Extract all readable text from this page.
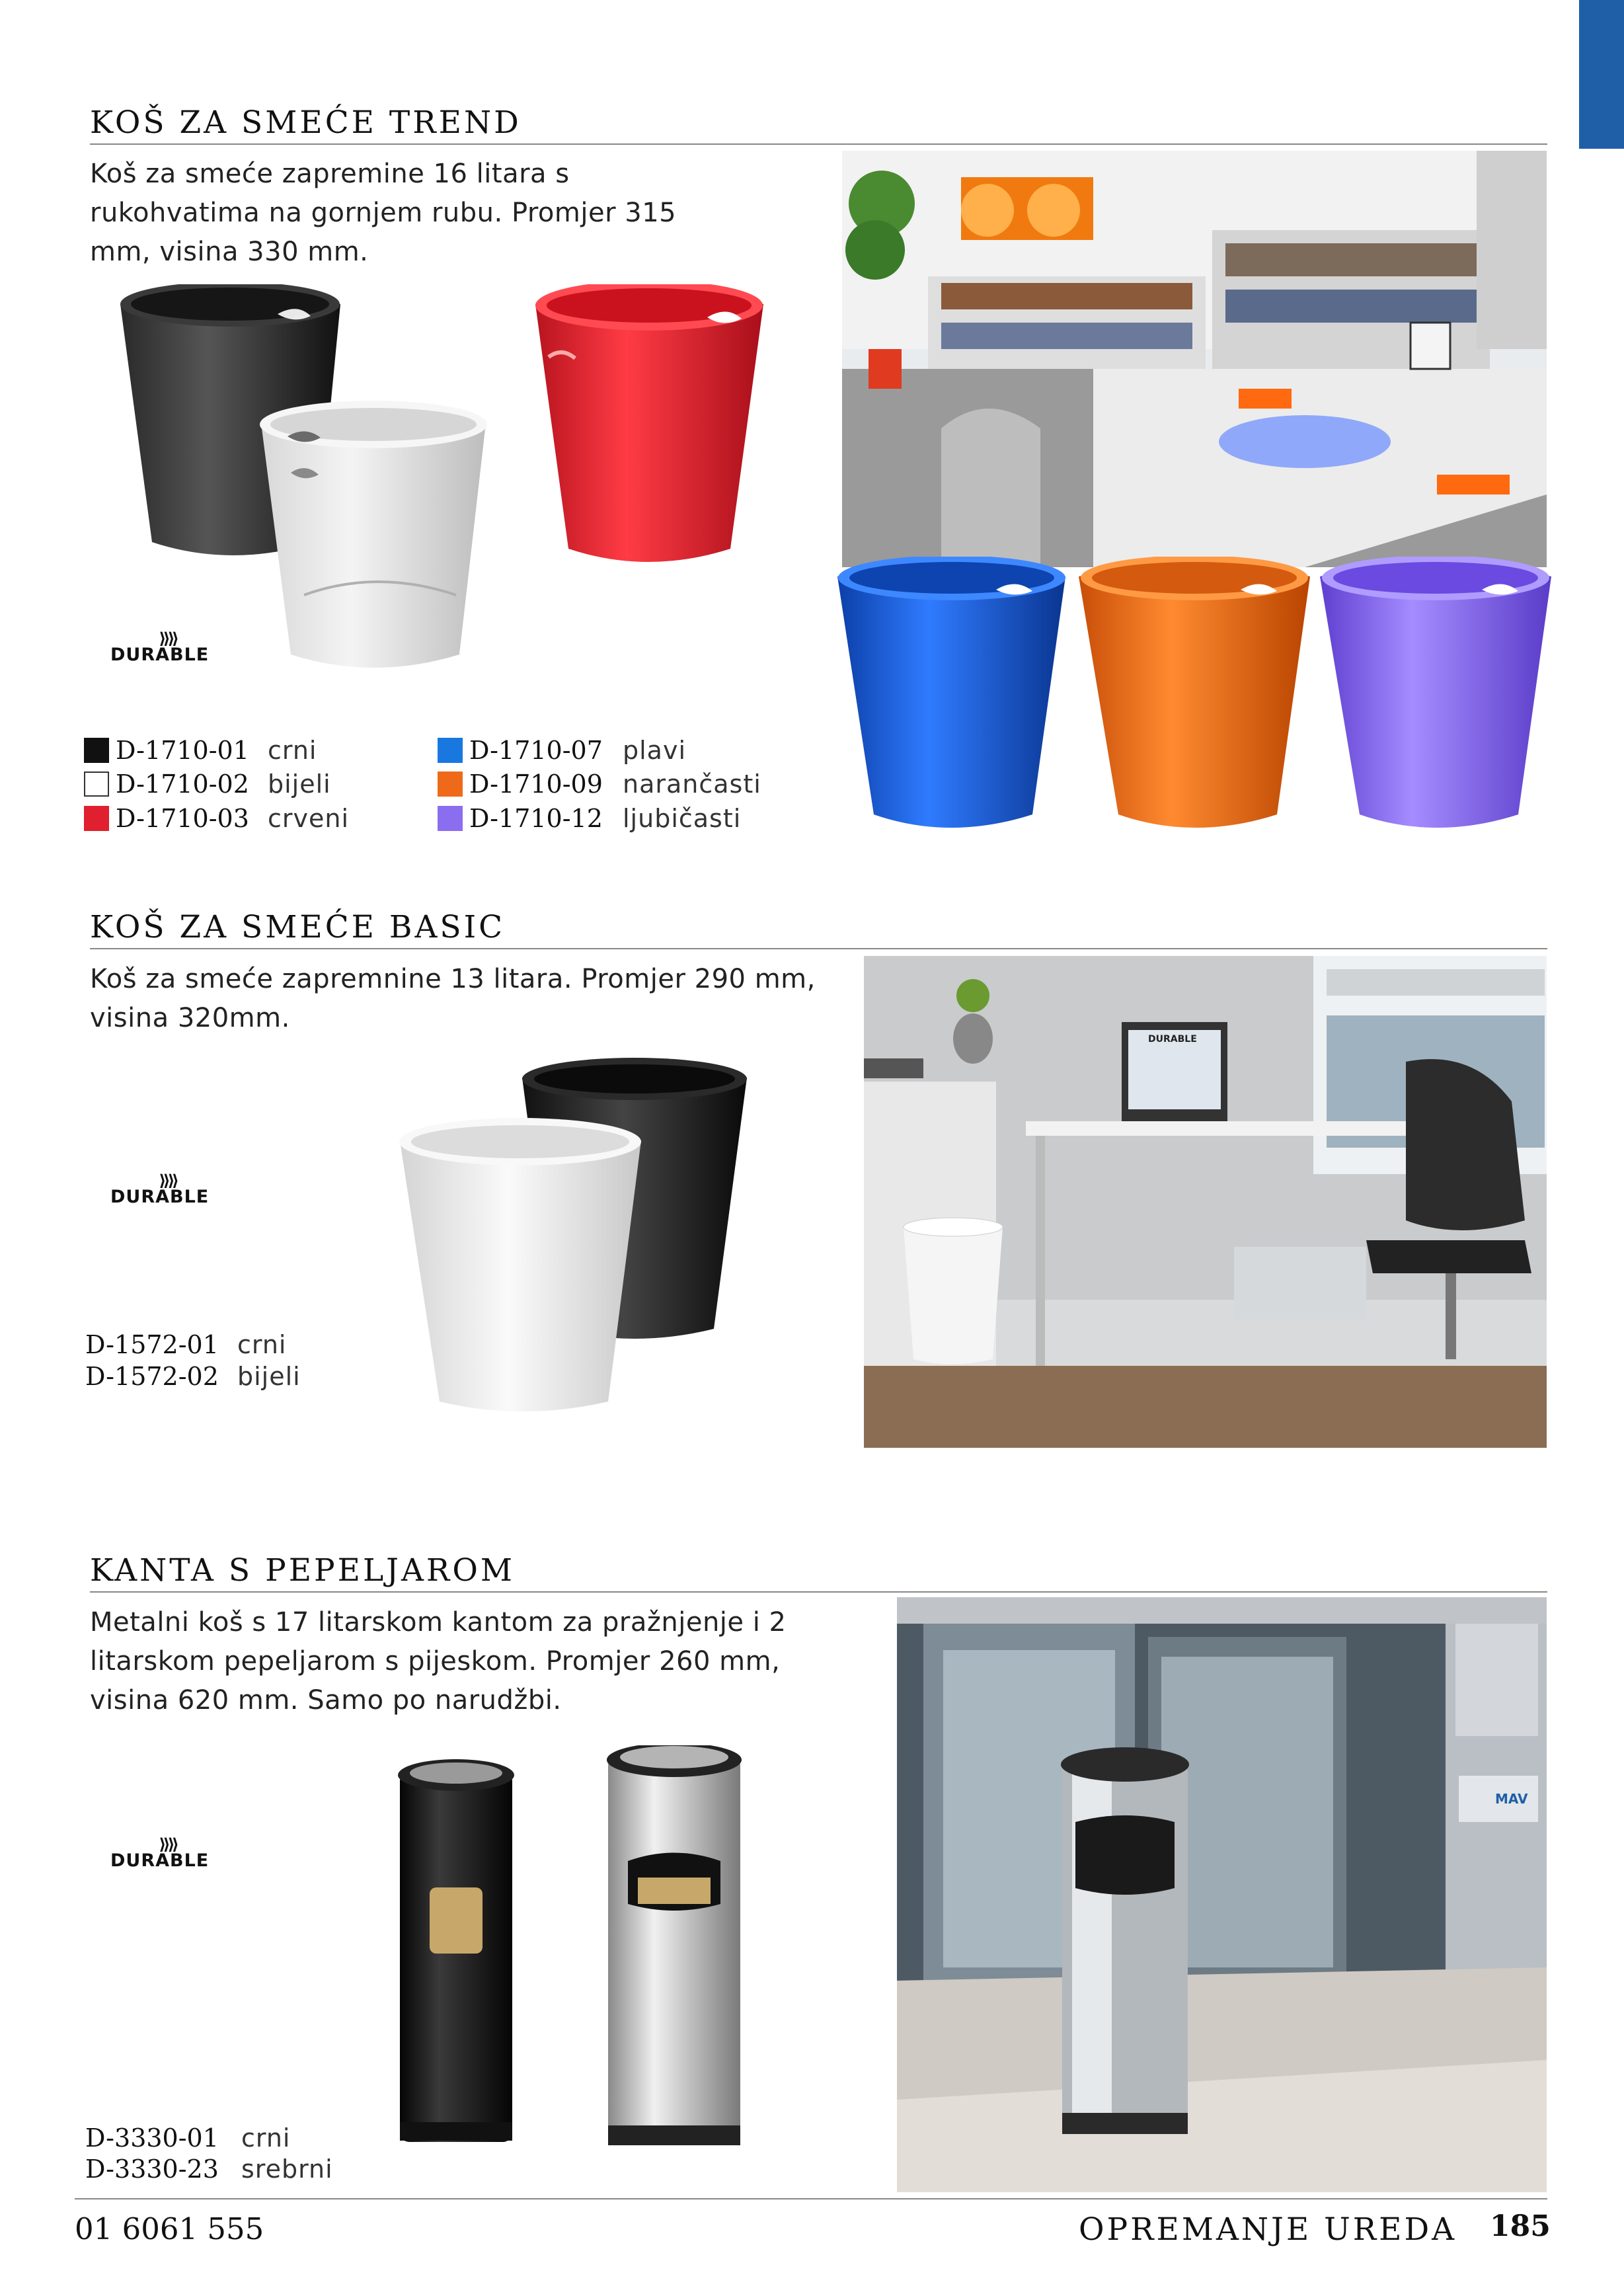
KOŠ ZA SMEĆE TREND
Koš za smeće zapremine 16 litara s
rukohvatima na gornjem rubu. Promjer 315
mm, visina 330 mm.
⟫⟫
DURABLE
D-1710-01 crni
D-1710-02 bijeli
D-1710-03 crveni
D-1710-07 plavi
D-1710-09 narančasti
D-1710-12 ljubičasti
KOŠ ZA SMEĆE BASIC
Koš za smeće zapremnine 13 litara. Promjer 290 mm,
visina 320mm.
⟫⟫
DURABLE
D-1572-01 crni
D-1572-02 bijeli
DURABLE
KANTA S PEPELJAROM
Metalni koš s 17 litarskom kantom za pražnjenje i 2
litarskom pepeljarom s pijeskom. Promjer 260 mm,
visina 620 mm. Samo po narudžbi.
⟫⟫
DURABLE
D-3330-01 crni
D-3330-23 srebrni
MAV
01 6061 555	OPREMANJE UREDA 185
